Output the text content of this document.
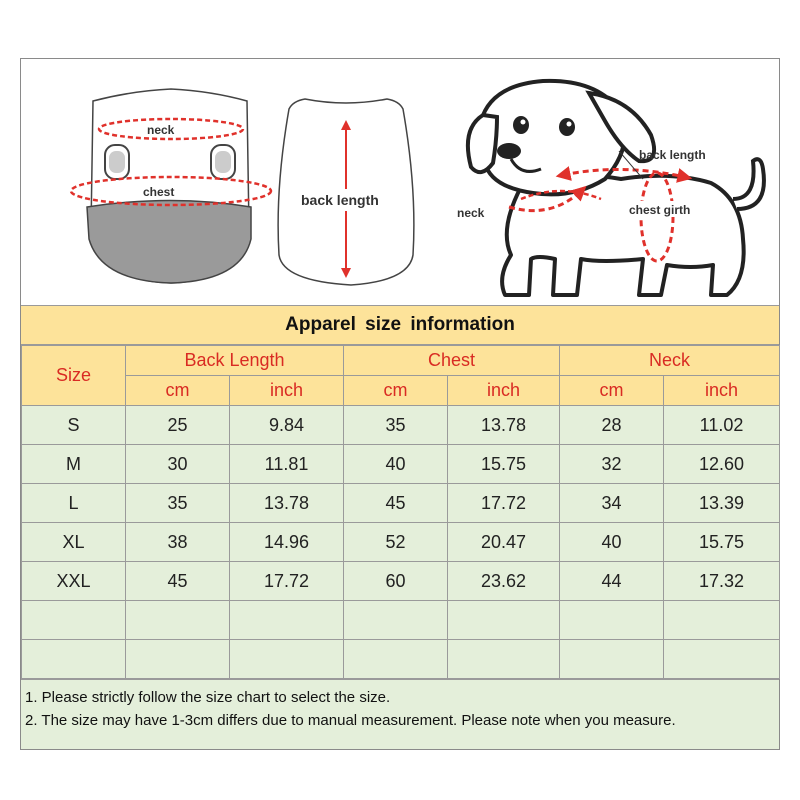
neck
chest	back length
back length
neck	chest girth
Apparel size information
Size	Back Length		Chest		Neck	
	cm	inch	cm	inch	cm	inch
S	25	9.84	35	13.78	28	11.02
M	30	11.81	40	15.75	32	12.60
L	35	13.78	45	17.72	34	13.39
XL	38	14.96	52	20.47	40	15.75
XXL	45	17.72	60	23.62	44	17.32

1. Please strictly follow the size chart to select the size.
2. The size may have 1-3cm differs due to manual measurement. Please note when you measure.
